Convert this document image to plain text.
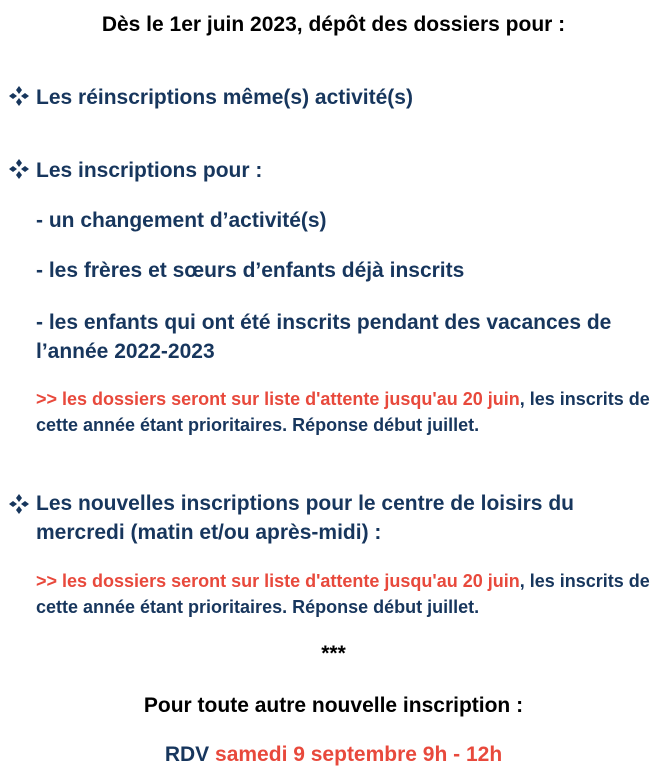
Dès le 1er juin 2023, dépôt des dossiers pour :
Les réinscriptions même(s) activité(s)
Les inscriptions pour :
- un changement d’activité(s)
- les frères et sœurs d’enfants déjà inscrits
- les enfants qui ont été inscrits pendant des vacances de l’année 2022-2023
>> les dossiers seront sur liste d'attente jusqu'au 20 juin, les inscrits de cette année étant prioritaires. Réponse début juillet.
Les nouvelles inscriptions pour le centre de loisirs du mercredi (matin et/ou après-midi) :
>> les dossiers seront sur liste d'attente jusqu'au 20 juin, les inscrits de cette année étant prioritaires. Réponse début juillet.
***
Pour toute autre nouvelle inscription :
RDV samedi 9 septembre 9h - 12h
